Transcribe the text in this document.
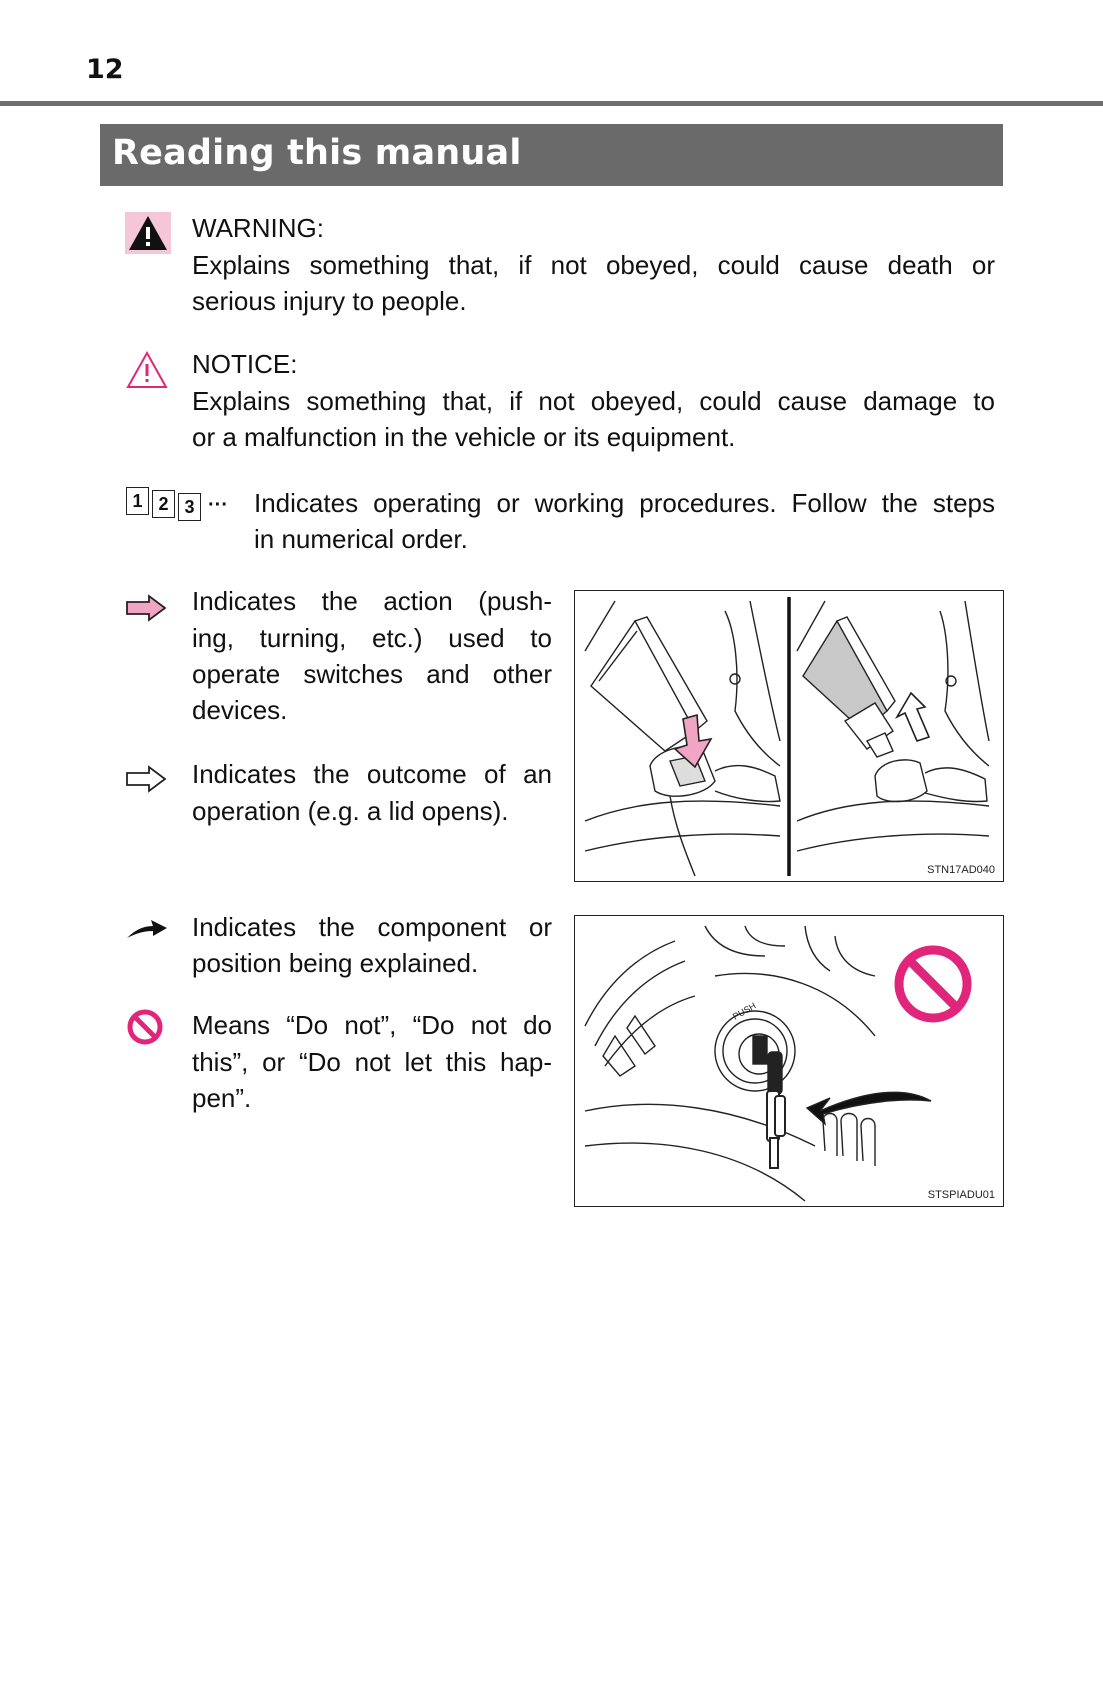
12
Reading this manual
WARNING:
Explains something that, if not obeyed, could cause death or
serious injury to people.
NOTICE:
Explains something that, if not obeyed, could cause damage to
or a malfunction in the vehicle or its equipment.
1 2 3 ··· Indicates operating or working procedures. Follow the steps
in numerical order.
Indicates the action (push-
ing, turning, etc.) used to
operate switches and other
devices.
Indicates the outcome of an
operation (e.g. a lid opens).
Indicates the component or
position being explained.
Means “Do not”, “Do not do
this”, or “Do not let this hap-
pen”.
STN17AD040
PUSH
STSPIADU01
